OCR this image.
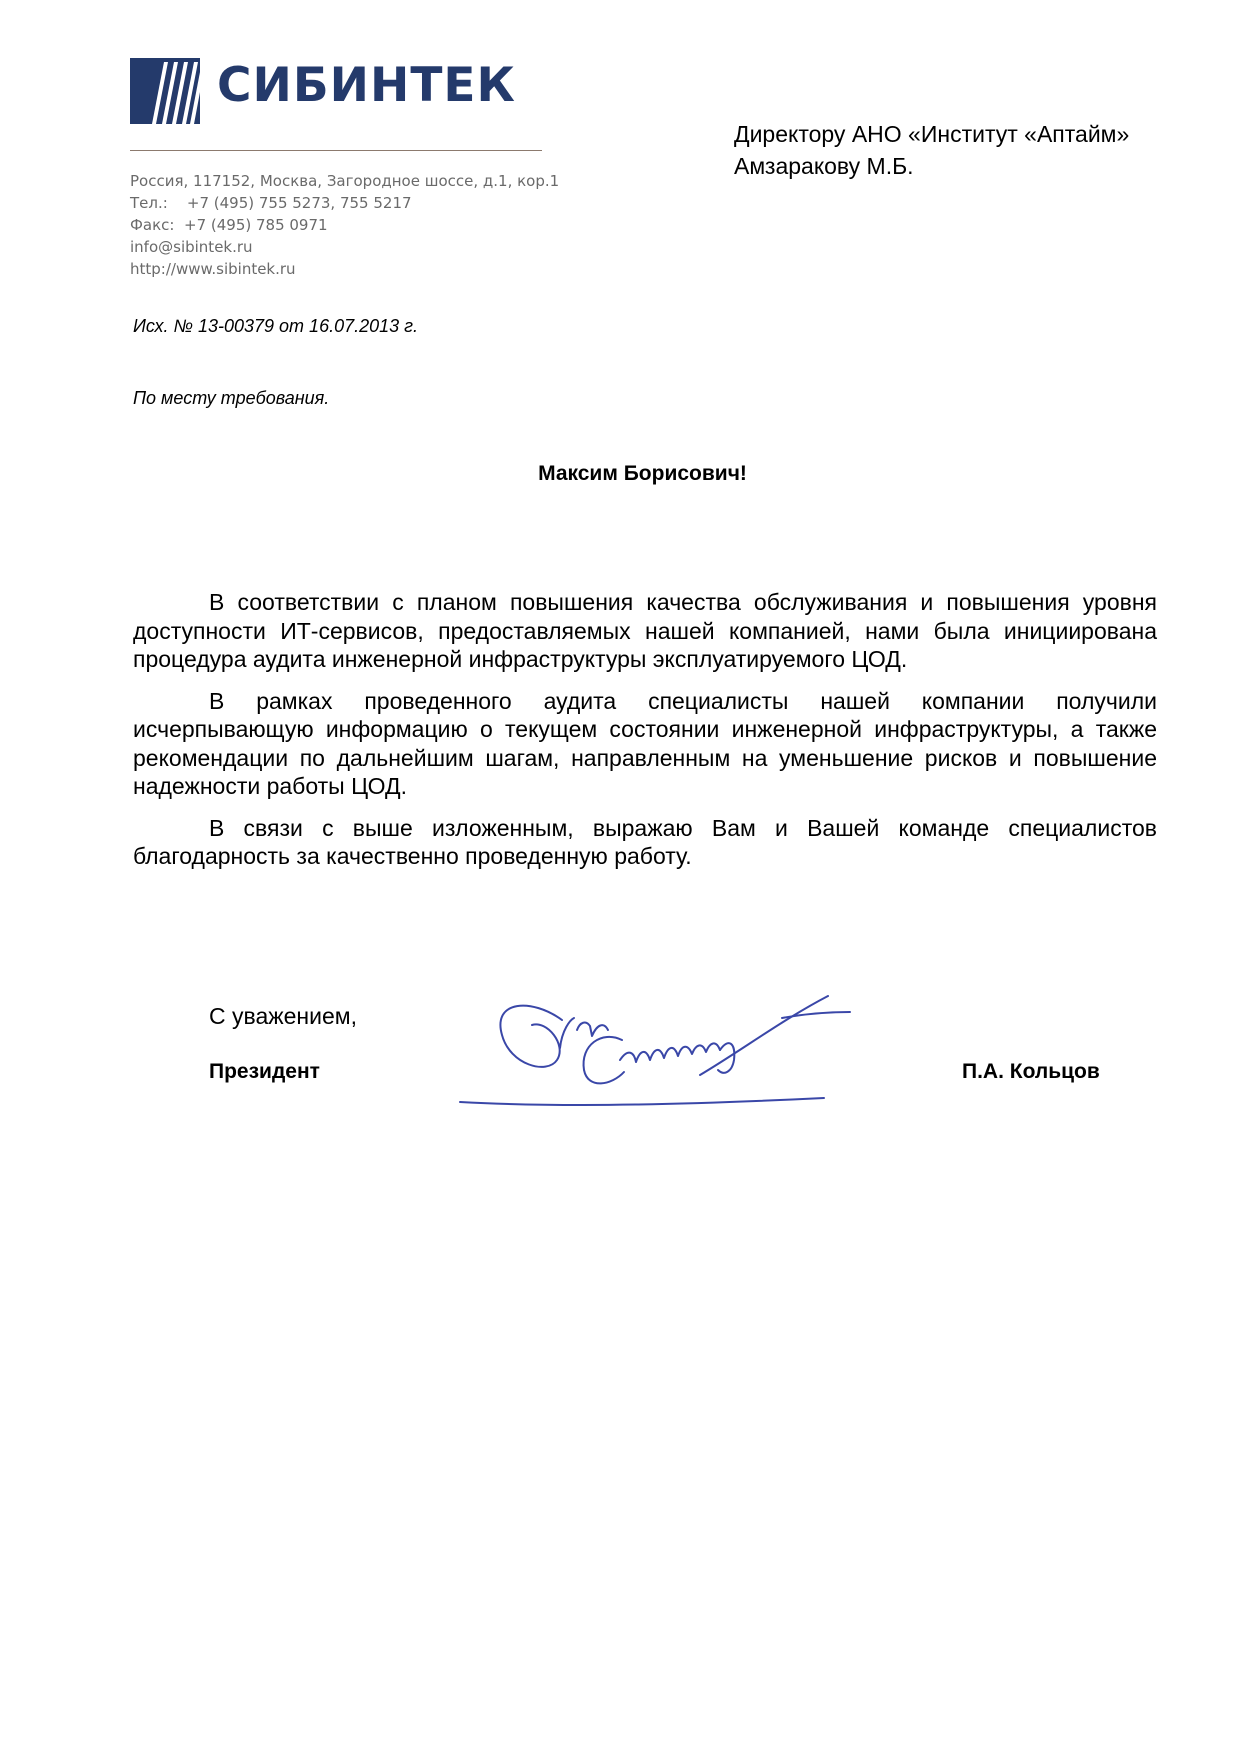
СИБИНТЕК
Россия, 117152, Москва, Загородное шоссе, д.1, кор.1
Тел.:    +7 (495) 755 5273, 755 5217
Факс:  +7 (495) 785 0971
info@sibintek.ru
http://www.sibintek.ru
Директору АНО «Институт «Аптайм»
Амзаракову М.Б.
Исх. № 13-00379 от 16.07.2013 г.
По месту требования.
Максим Борисович!

В соответствии с планом повышения качества обслуживания и повышения уровня доступности ИТ-сервисов, предоставляемых нашей компанией, нами была инициирована процедура аудита инженерной инфраструктуры эксплуатируемого ЦОД.

В рамках проведенного аудита специалисты нашей компании получили исчерпывающую информацию о текущем состоянии инженерной инфраструктуры, а также рекомендации по дальнейшим шагам, направленным на уменьшение рисков и повышение надежности работы ЦОД.

В связи с выше изложенным, выражаю Вам и Вашей команде специалистов благодарность за качественно проведенную работу.

С уважением,
Президент	П.А. Кольцов
